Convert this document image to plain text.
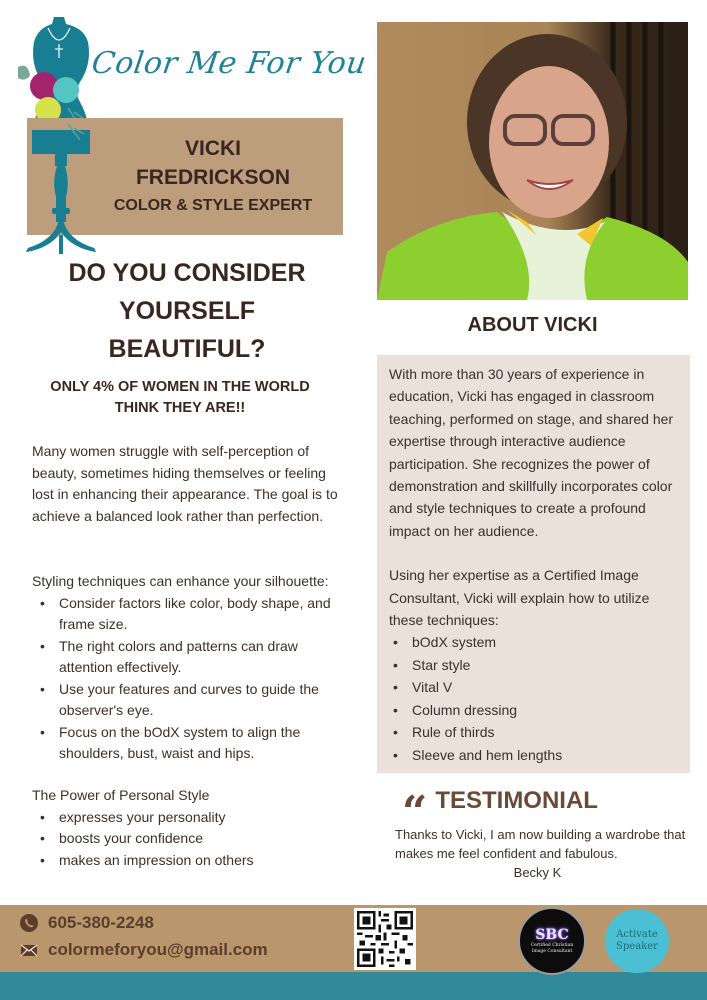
Color Me For You
VICKI
FREDRICKSON
COLOR & STYLE EXPERT
DO YOU CONSIDER
YOURSELF
BEAUTIFUL?
ONLY 4% OF WOMEN IN THE WORLD
THINK THEY ARE!!

Many women struggle with self-perception of beauty, sometimes hiding themselves or feeling lost in enhancing their appearance. The goal is to achieve a balanced look rather than perfection.

Styling techniques can enhance your silhouette:
• Consider factors like color, body shape, and frame size.
• The right colors and patterns can draw attention effectively.
• Use your features and curves to guide the observer's eye.
• Focus on the bOdX system to align the shoulders, bust, waist and hips.
The Power of Personal Style
• expresses your personality
• boosts your confidence
• makes an impression on others
ABOUT VICKI

With more than 30 years of experience in education, Vicki has engaged in classroom teaching, performed on stage, and shared her expertise through interactive audience participation. She recognizes the power of demonstration and skillfully incorporates color and style techniques to create a profound impact on her audience.

Using her expertise as a Certified Image Consultant, Vicki will explain how to utilize these techniques:

• bOdX system
• Star style
• Vital V
• Column dressing
• Rule of thirds
• Sleeve and hem lengths
“ TESTIMONIAL
Thanks to Vicki, I am now building a wardrobe that makes me feel confident and fabulous.
Becky K
605-380-2248
colormeforyou@gmail.com
SBC
Certified Christian
Image Consultant
Activate
Speaker
